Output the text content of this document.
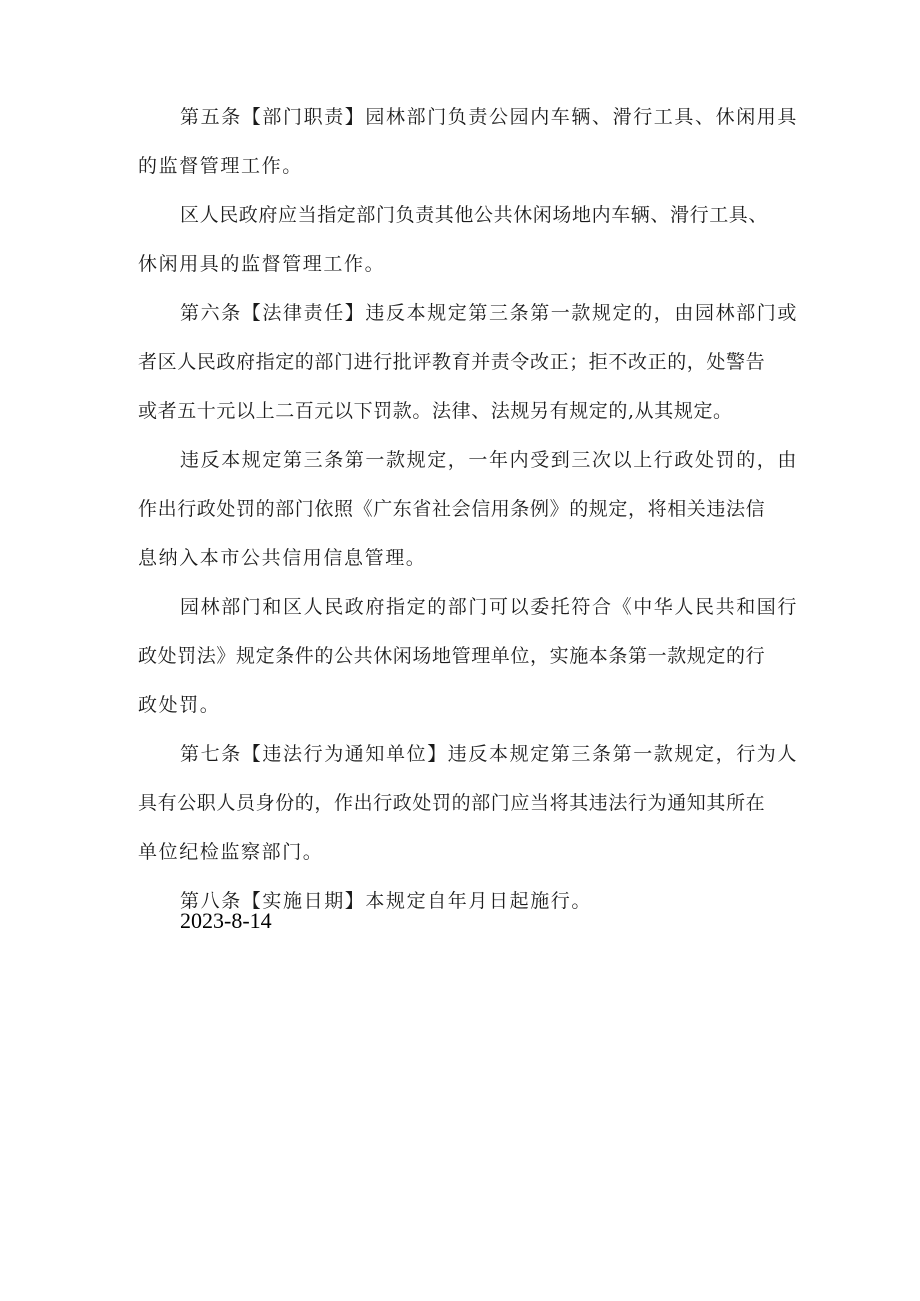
第五条【部门职责】园林部门负责公园内车辆、滑行工具、休闲用具
的监督管理工作。
区人民政府应当指定部门负责其他公共休闲场地内车辆、滑行工具、
休闲用具的监督管理工作。
第六条【法律责任】违反本规定第三条第一款规定的，由园林部门或
者区人民政府指定的部门进行批评教育并责令改正；拒不改正的，处警告
或者五十元以上二百元以下罚款。法律、法规另有规定的,从其规定。
违反本规定第三条第一款规定，一年内受到三次以上行政处罚的，由
作出行政处罚的部门依照《广东省社会信用条例》的规定，将相关违法信
息纳入本市公共信用信息管理。
园林部门和区人民政府指定的部门可以委托符合《中华人民共和国行
政处罚法》规定条件的公共休闲场地管理单位，实施本条第一款规定的行
政处罚。
第七条【违法行为通知单位】违反本规定第三条第一款规定，行为人
具有公职人员身份的，作出行政处罚的部门应当将其违法行为通知其所在
单位纪检监察部门。
第八条【实施日期】本规定自年月日起施行。
2023-8-14
